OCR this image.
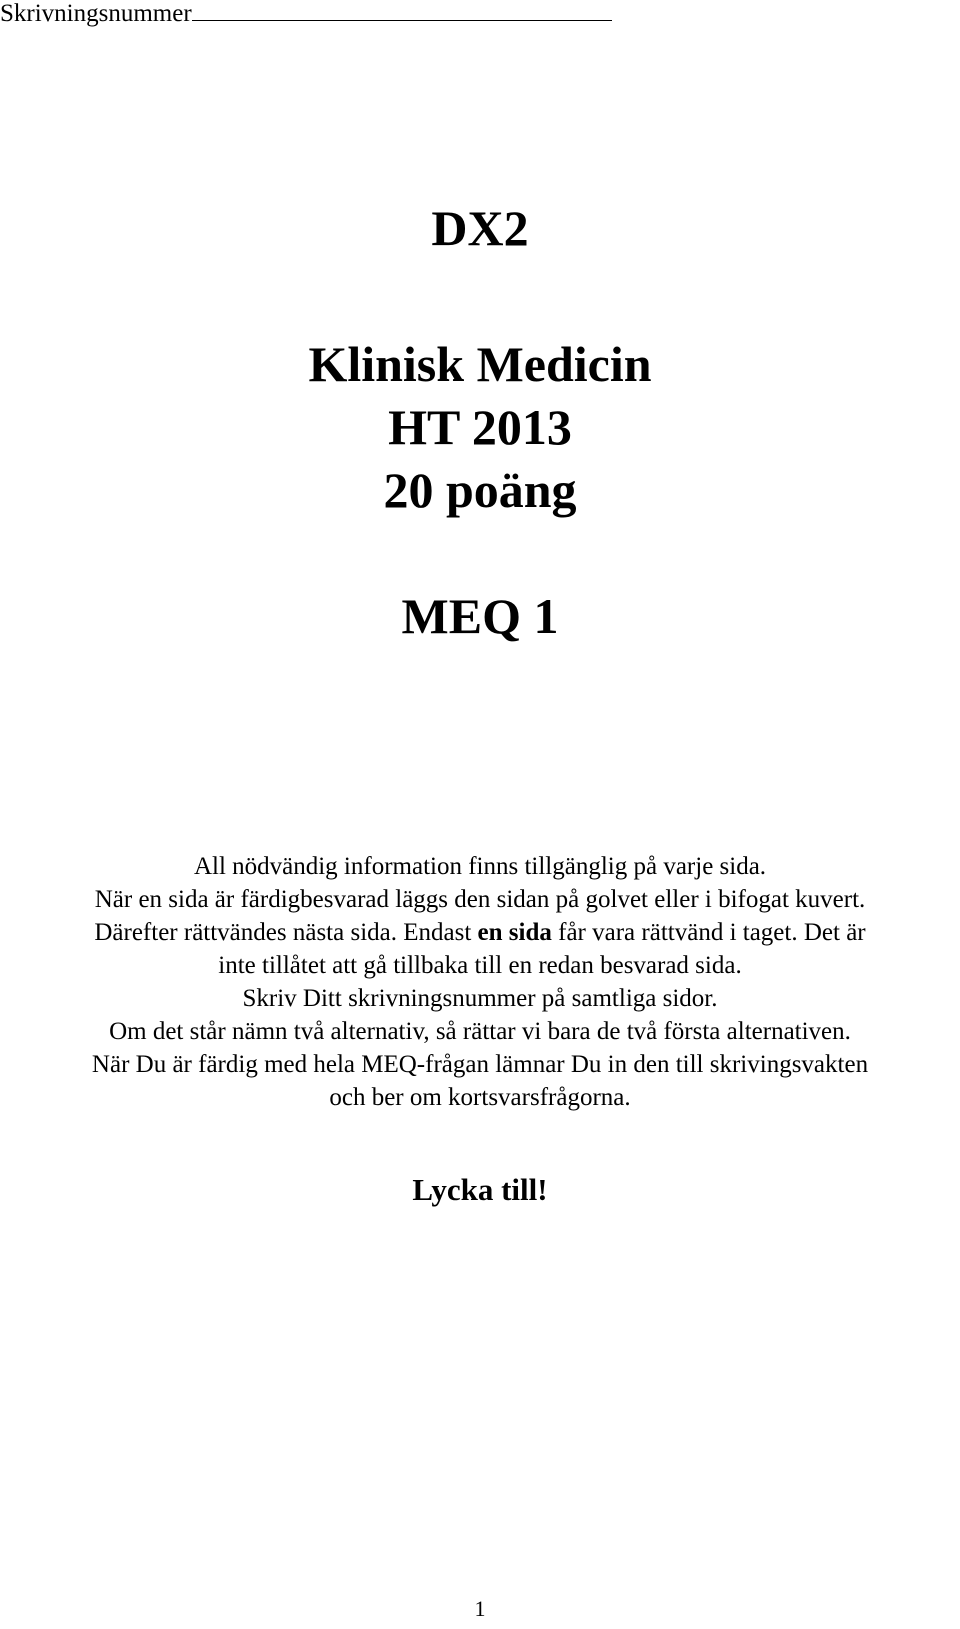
Skrivningsnummer
DX2
Klinisk Medicin
HT 2013
20 poäng
MEQ 1
All nödvändig information finns tillgänglig på varje sida.
När en sida är färdigbesvarad läggs den sidan på golvet eller i bifogat kuvert.
Därefter rättvändes nästa sida. Endast en sida får vara rättvänd i taget. Det är
inte tillåtet att gå tillbaka till en redan besvarad sida.
Skriv Ditt skrivningsnummer på samtliga sidor.
Om det står nämn två alternativ, så rättar vi bara de två första alternativen.
När Du är färdig med hela MEQ-frågan lämnar Du in den till skrivingsvakten
och ber om kortsvarsfrågorna.
Lycka till!
1
